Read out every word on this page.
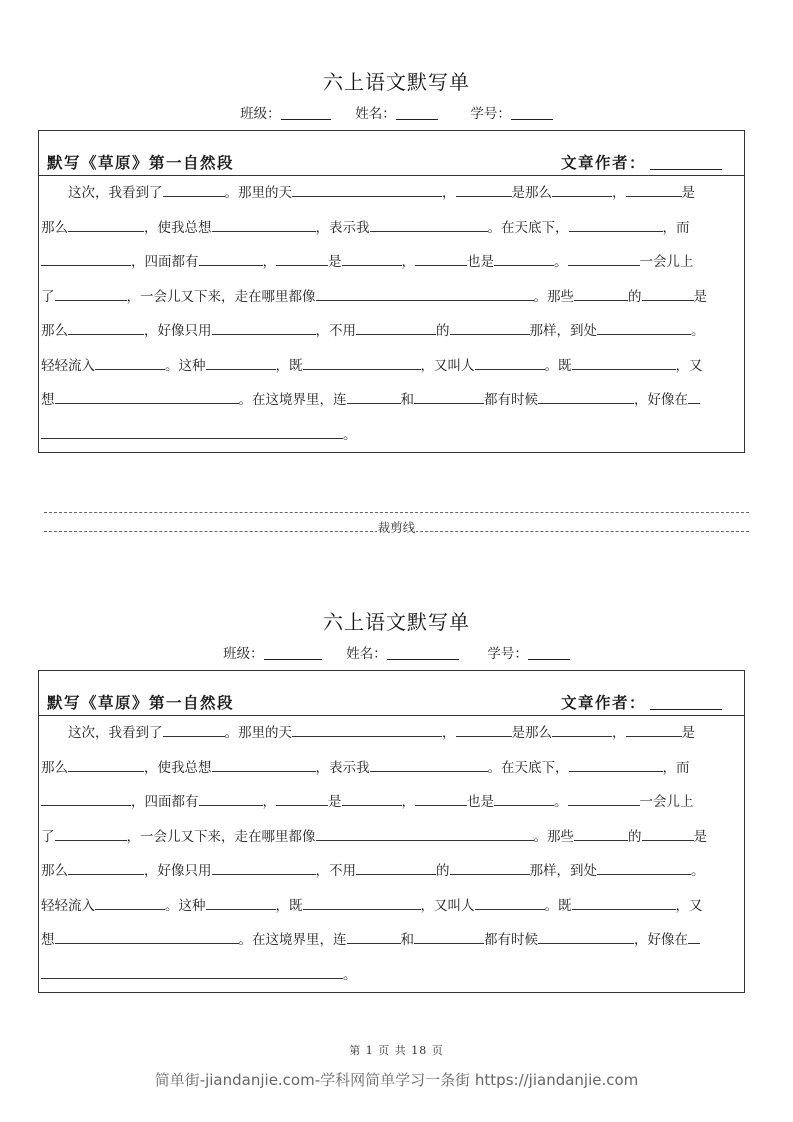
六上语文默写单
班级：	姓名：	学号：
默写《草原》第一自然段	文章作者：
　　这次，我看到了	。那里的天	，	是那么	，	是
那么	，使我总想	，表示我	。在天底下，	，而
，四面都有	，	是	，	也是	。	一会儿上
了	，一会儿又下来，走在哪里都像	。那些	的	是
那么	，好像只用	，不用	的	那样，到处	。
轻轻流入	。这种	，既	，又叫人	。既	，又
想	。在这境界里，连	和	都有时候	，好像在
。
裁剪线
六上语文默写单
班级：	姓名：	学号：
默写《草原》第一自然段	文章作者：
　　这次，我看到了	。那里的天	，	是那么	，	是
那么	，使我总想	，表示我	。在天底下，	，而
，四面都有	，	是	，	也是	。	一会儿上
了	，一会儿又下来，走在哪里都像	。那些	的	是
那么	，好像只用	，不用	的	那样，到处	。
轻轻流入	。这种	，既	，又叫人	。既	，又
想	。在这境界里，连	和	都有时候	，好像在
。
第 1 页 共 18 页
简单街-jiandanjie.com-学科网简单学习一条街 https://jiandanjie.com
